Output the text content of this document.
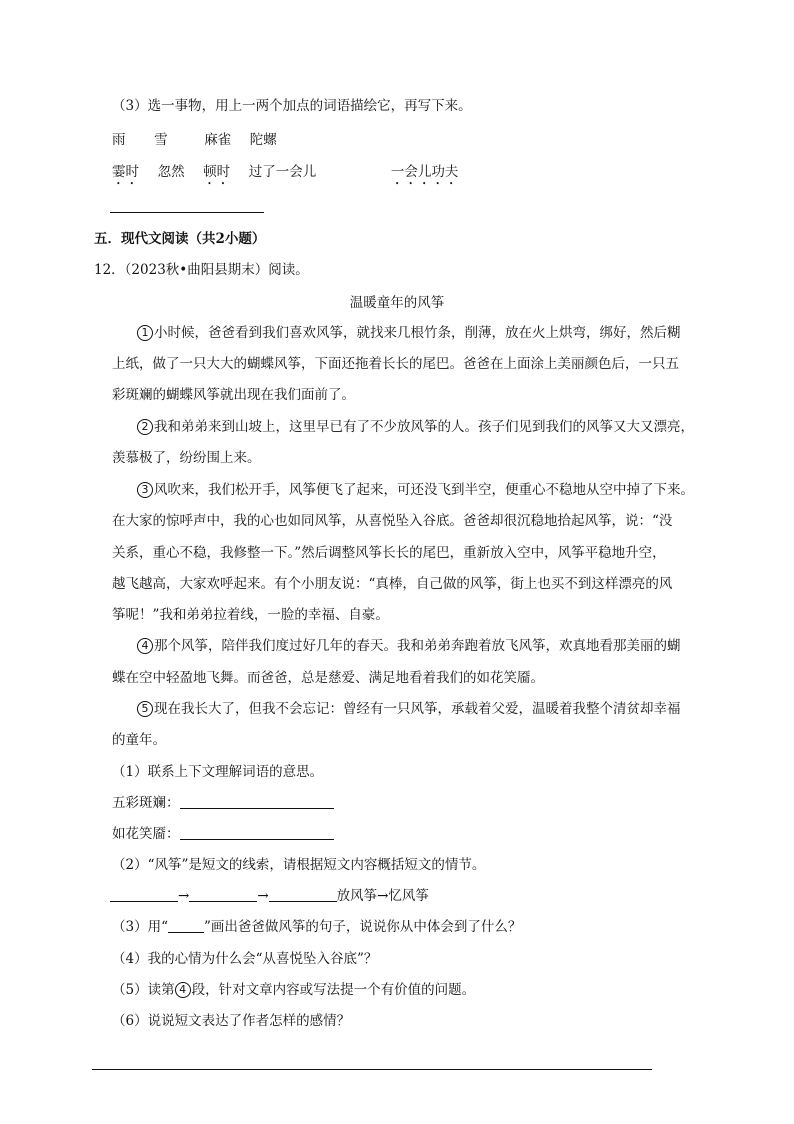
（3）选一事物，用上一两个加点的词语描绘它，再写下来。
雨 雪	麻雀 陀螺
霎时 忽然 顿时 过了一会儿	一会儿功夫
五．现代文阅读（共2小题）
12．（2023秋•曲阳县期末）阅读。
温暖童年的风筝
1 小时候，爸爸看到我们喜欢风筝，就找来几根竹条，削薄，放在火上烘弯，绑好，然后糊
上纸，做了一只大大的蝴蝶风筝，下面还拖着长长的尾巴。爸爸在上面涂上美丽颜色后，一只五
彩斑斓的蝴蝶风筝就出现在我们面前了。
2 我和弟弟来到山坡上，这里早已有了不少放风筝的人。孩子们见到我们的风筝又大又漂亮，
羡慕极了，纷纷围上来。
3 风吹来，我们松开手，风筝便飞了起来，可还没飞到半空，便重心不稳地从空中掉了下来。
在大家的惊呼声中，我的心也如同风筝，从喜悦坠入谷底。爸爸却很沉稳地拾起风筝，说：“没
关系，重心不稳，我修整一下。”然后调整风筝长长的尾巴，重新放入空中，风筝平稳地升空，
越飞越高，大家欢呼起来。有个小朋友说：“真棒，自己做的风筝，街上也买不到这样漂亮的风
筝呢！”我和弟弟拉着线，一脸的幸福、自豪。
4 那个风筝，陪伴我们度过好几年的春天。我和弟弟奔跑着放飞风筝，欢真地看那美丽的蝴
蝶在空中轻盈地飞舞。而爸爸，总是慈爱、满足地看着我们的如花笑靥。
5 现在我长大了，但我不会忘记：曾经有一只风筝，承载着父爱，温暖着我整个清贫却幸福
的童年。
（1）联系上下文理解词语的意思。
五彩斑斓：
如花笑靥：
（2）“风筝”是短文的线索，请根据短文内容概括短文的情节。
→	→	放风筝→忆风筝
（3）用“	”画出爸爸做风筝的句子，说说你从中体会到了什么？
（4）我的心情为什么会“从喜悦坠入谷底”？
（5）读第 4 段，针对文章内容或写法提一个有价值的问题。
（6）说说短文表达了作者怎样的感情？
